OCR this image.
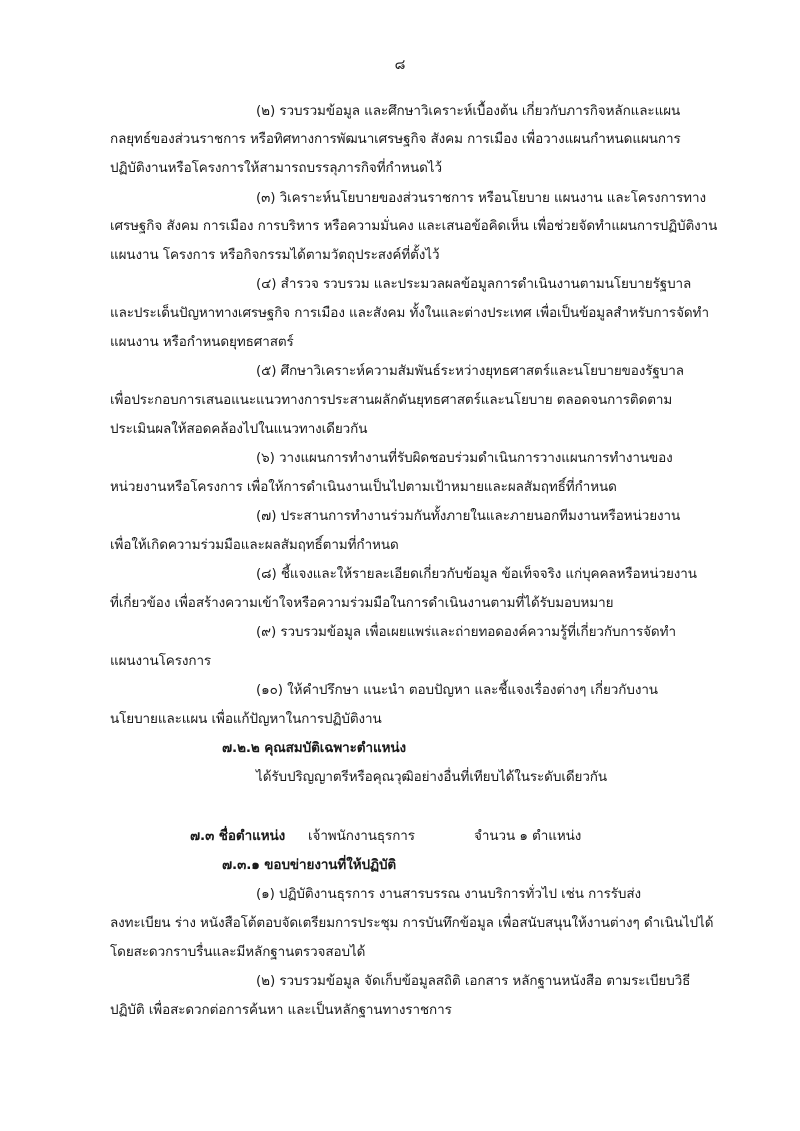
๘
(๒) รวบรวมข้อมูล และศึกษาวิเคราะห์เบื้องต้น เกี่ยวกับภารกิจหลักและแผน
กลยุทธ์ของส่วนราชการ หรือทิศทางการพัฒนาเศรษฐกิจ สังคม การเมือง เพื่อวางแผนกำหนดแผนการ
ปฏิบัติงานหรือโครงการให้สามารถบรรลุภารกิจที่กำหนดไว้
(๓) วิเคราะห์นโยบายของส่วนราชการ หรือนโยบาย แผนงาน และโครงการทาง
เศรษฐกิจ สังคม การเมือง การบริหาร หรือความมั่นคง และเสนอข้อคิดเห็น เพื่อช่วยจัดทำแผนการปฏิบัติงาน
แผนงาน โครงการ หรือกิจกรรมได้ตามวัตถุประสงค์ที่ตั้งไว้
(๔) สำรวจ รวบรวม และประมวลผลข้อมูลการดำเนินงานตามนโยบายรัฐบาล
และประเด็นปัญหาทางเศรษฐกิจ การเมือง และสังคม ทั้งในและต่างประเทศ เพื่อเป็นข้อมูลสำหรับการจัดทำ
แผนงาน หรือกำหนดยุทธศาสตร์
(๕) ศึกษาวิเคราะห์ความสัมพันธ์ระหว่างยุทธศาสตร์และนโยบายของรัฐบาล
เพื่อประกอบการเสนอแนะแนวทางการประสานผลักดันยุทธศาสตร์และนโยบาย ตลอดจนการติดตาม
ประเมินผลให้สอดคล้องไปในแนวทางเดียวกัน
(๖) วางแผนการทำงานที่รับผิดชอบร่วมดำเนินการวางแผนการทำงานของ
หน่วยงานหรือโครงการ เพื่อให้การดำเนินงานเป็นไปตามเป้าหมายและผลสัมฤทธิ์ที่กำหนด
(๗) ประสานการทำงานร่วมกันทั้งภายในและภายนอกทีมงานหรือหน่วยงาน
เพื่อให้เกิดความร่วมมือและผลสัมฤทธิ์ตามที่กำหนด
(๘) ชี้แจงและให้รายละเอียดเกี่ยวกับข้อมูล ข้อเท็จจริง แก่บุคคลหรือหน่วยงาน
ที่เกี่ยวข้อง เพื่อสร้างความเข้าใจหรือความร่วมมือในการดำเนินงานตามที่ได้รับมอบหมาย
(๙) รวบรวมข้อมูล เพื่อเผยแพร่และถ่ายทอดองค์ความรู้ที่เกี่ยวกับการจัดทำ
แผนงานโครงการ
(๑๐) ให้คำปรึกษา แนะนำ ตอบปัญหา และชี้แจงเรื่องต่างๆ เกี่ยวกับงาน
นโยบายและแผน เพื่อแก้ปัญหาในการปฏิบัติงาน
๗.๒.๒ คุณสมบัติเฉพาะตำแหน่ง
ได้รับปริญญาตรีหรือคุณวุฒิอย่างอื่นที่เทียบได้ในระดับเดียวกัน
๗.๓ ชื่อตำแหน่ง เจ้าพนักงานธุรการ	จำนวน ๑ ตำแหน่ง
๗.๓.๑ ขอบข่ายงานที่ให้ปฏิบัติ
(๑) ปฏิบัติงานธุรการ งานสารบรรณ งานบริการทั่วไป เช่น การรับส่ง
ลงทะเบียน ร่าง หนังสือโต้ตอบจัดเตรียมการประชุม การบันทึกข้อมูล เพื่อสนับสนุนให้งานต่างๆ ดำเนินไปได้
โดยสะดวกราบรื่นและมีหลักฐานตรวจสอบได้
(๒) รวบรวมข้อมูล จัดเก็บข้อมูลสถิติ เอกสาร หลักฐานหนังสือ ตามระเบียบวิธี
ปฏิบัติ เพื่อสะดวกต่อการค้นหา และเป็นหลักฐานทางราชการ
